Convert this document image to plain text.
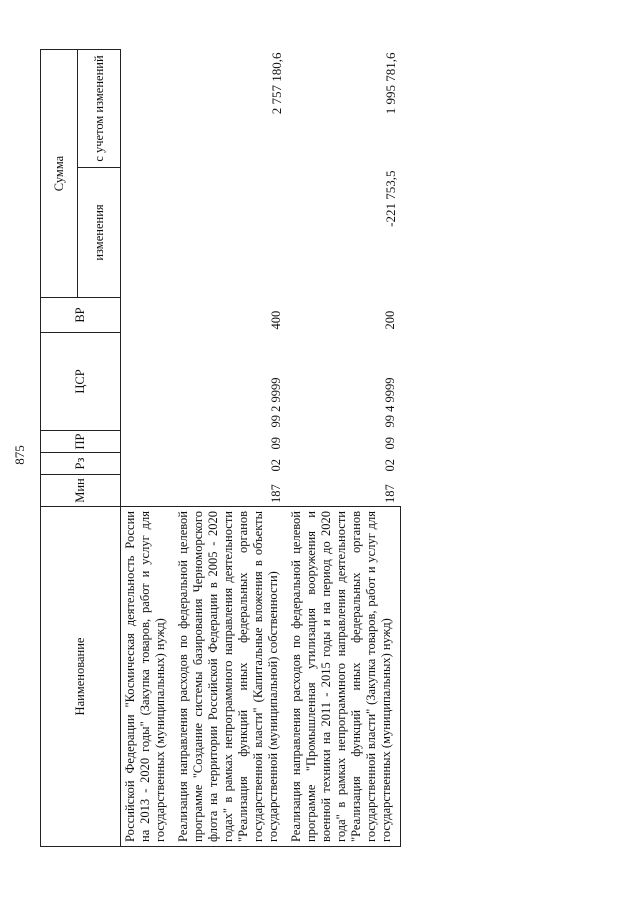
875
Наименование	Мин	Рз	ПР	ЦСР	ВР	Сумма	
						изменения	с учетом изменений
Российской Федерации "Космическая деятельность России на 2013 - 2020 годы" (Закупка товаров, работ и услуг для государственных (муниципальных) нужд)							
Реализация направления расходов по федеральной целевой программе "Создание системы базирования Черноморского флота на территории Российской Федерации в 2005 - 2020 годах" в рамках непрограммного направления деятельности "Реализация функций иных федеральных органов государственной власти" (Капитальные вложения в объекты государственной (муниципальной) собственности)	187	02	09	99 2 9999	400		2 757 180,6
Реализация направления расходов по федеральной целевой программе "Промышленная утилизация вооружения и военной техники на 2011 - 2015 годы и на период до 2020 года" в рамках непрограммного направления деятельности "Реализация функций иных федеральных органов государственной власти" (Закупка товаров, работ и услуг для государственных (муниципальных) нужд)	187	02	09	99 4 9999	200	-221 753,5	1 995 781,6
